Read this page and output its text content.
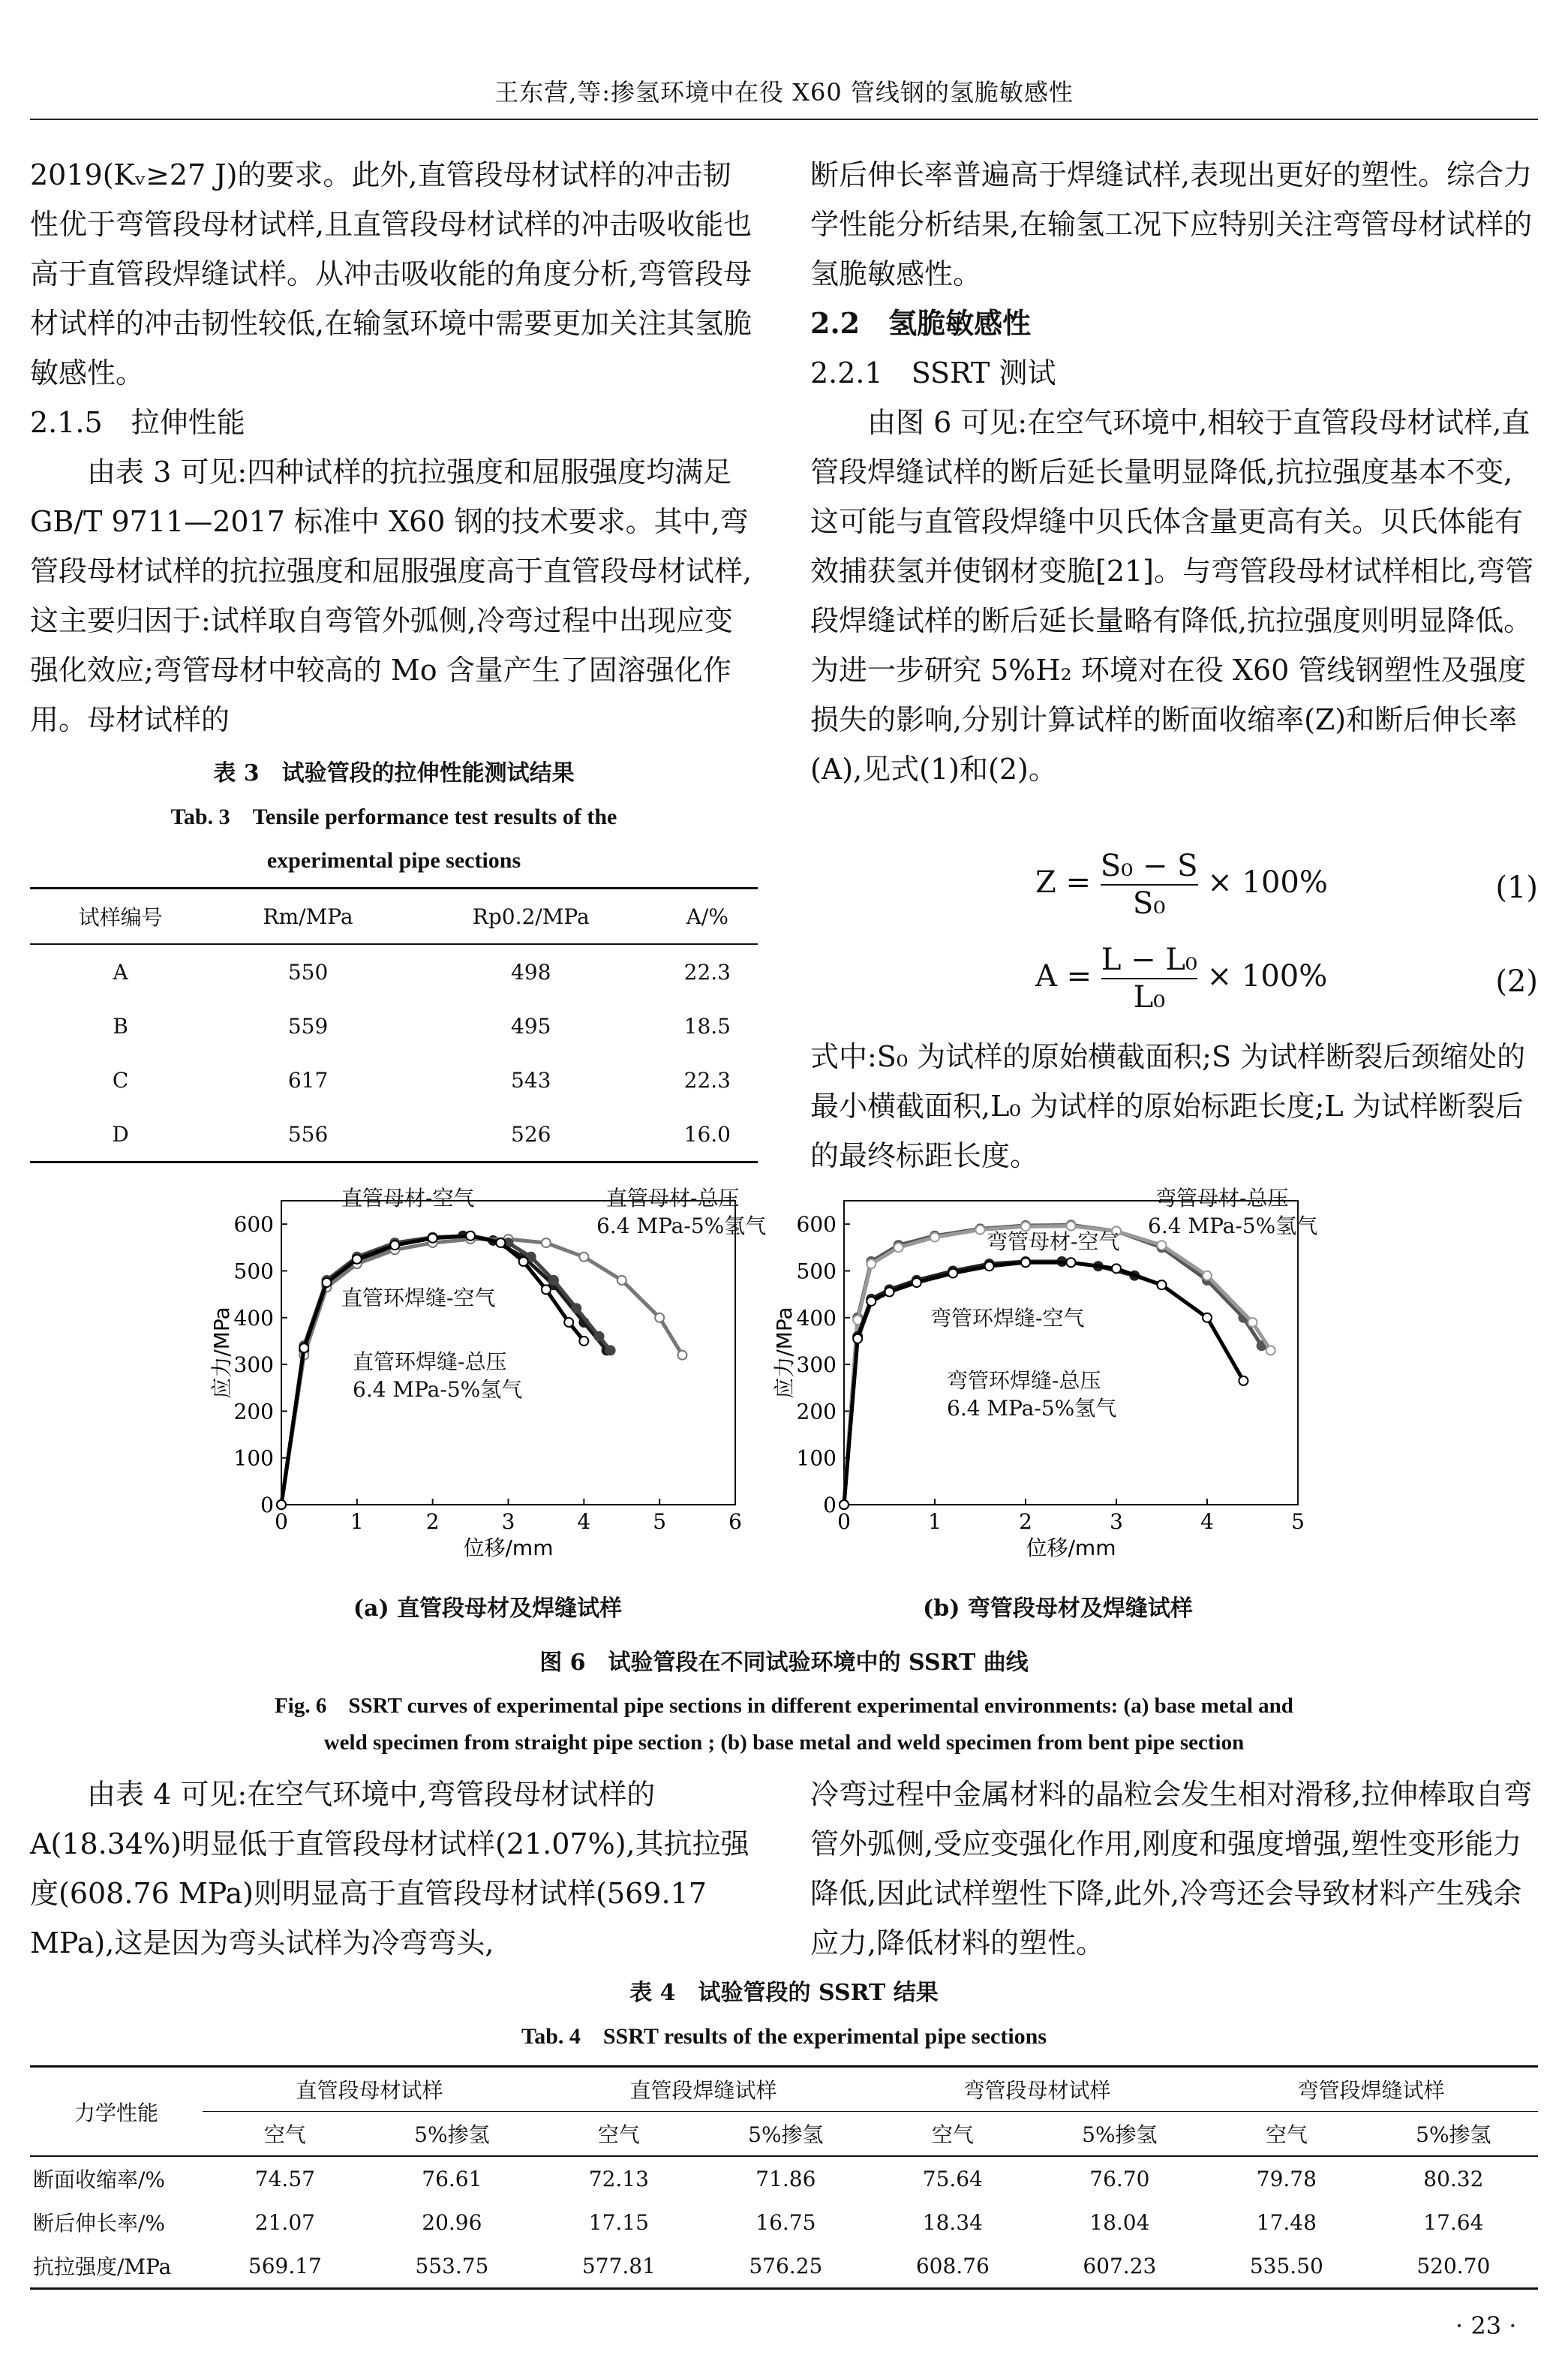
王东营,等:掺氢环境中在役 X60 管线钢的氢脆敏感性

2019(Kᵥ≥27 J)的要求。此外,直管段母材试样的冲击韧性优于弯管段母材试样,且直管段母材试样的冲击吸收能也高于直管段焊缝试样。从冲击吸收能的角度分析,弯管段母材试样的冲击韧性较低,在输氢环境中需要更加关注其氢脆敏感性。

2.1.5　拉伸性能

由表 3 可见:四种试样的抗拉强度和屈服强度均满足 GB/T 9711—2017 标准中 X60 钢的技术要求。其中,弯管段母材试样的抗拉强度和屈服强度高于直管段母材试样,这主要归因于:试样取自弯管外弧侧,冷弯过程中出现应变强化效应;弯管母材中较高的 Mo 含量产生了固溶强化作用。母材试样的

表 3　试验管段的拉伸性能测试结果
Tab. 3　Tensile performance test results of the experimental pipe sections
试样编号	Rm/MPa	Rp0.2/MPa	A/%
A	550	498	22.3
B	559	495	18.5
C	617	543	22.3
D	556	526	16.0

断后伸长率普遍高于焊缝试样,表现出更好的塑性。综合力学性能分析结果,在输氢工况下应特别关注弯管母材试样的氢脆敏感性。

2.2　氢脆敏感性

2.2.1　SSRT 测试

由图 6 可见:在空气环境中,相较于直管段母材试样,直管段焊缝试样的断后延长量明显降低,抗拉强度基本不变,这可能与直管段焊缝中贝氏体含量更高有关。贝氏体能有效捕获氢并使钢材变脆[21]。与弯管段母材试样相比,弯管段焊缝试样的断后延长量略有降低,抗拉强度则明显降低。为进一步研究 5%H₂ 环境对在役 X60 管线钢塑性及强度损失的影响,分别计算试样的断面收缩率(Z)和断后伸长率(A),见式(1)和(2)。

$Z = \frac{\text{S₀ − S}}{\text{S₀}} \times 100\%$	(1)
$A = \frac{\text{L − L₀}}{\text{L₀}} \times 100\%$	(2)

式中:S₀ 为试样的原始横截面积;S 为试样断裂后颈缩处的最小横截面积,L₀ 为试样的原始标距长度;L 为试样断裂后的最终标距长度。

0	1	2	3	4	5	6
0
100
200
300
400
500
600
位移/mm
应力/MPa
直管母材-空气	直管母材-总压
6.4 MPa-5%氢气
直管环焊缝-空气
直管环焊缝-总压
6.4 MPa-5%氢气
(a) 直管段母材及焊缝试样
0	1	2	3	4	5
0
100
200
300
400
500
600
位移/mm
应力/MPa
弯管母材-总压
6.4 MPa-5%氢气
弯管母材-空气
弯管环焊缝-空气
弯管环焊缝-总压
6.4 MPa-5%氢气
(b) 弯管段母材及焊缝试样
图 6　试验管段在不同试验环境中的 SSRT 曲线
Fig. 6　SSRT curves of experimental pipe sections in different experimental environments: (a) base metal and
weld specimen from straight pipe section ; (b) base metal and weld specimen from bent pipe section

由表 4 可见:在空气环境中,弯管段母材试样的 A(18.34%)明显低于直管段母材试样(21.07%),其抗拉强度(608.76 MPa)则明显高于直管段母材试样(569.17 MPa),这是因为弯头试样为冷弯弯头,

冷弯过程中金属材料的晶粒会发生相对滑移,拉伸棒取自弯管外弧侧,受应变强化作用,刚度和强度增强,塑性变形能力降低,因此试样塑性下降,此外,冷弯还会导致材料产生残余应力,降低材料的塑性。

表 4　试验管段的 SSRT 结果
Tab. 4　SSRT results of the experimental pipe sections
力学性能	直管段母材试样		直管段焊缝试样		弯管段母材试样		弯管段焊缝试样	
	空气	5%掺氢	空气	5%掺氢	空气	5%掺氢	空气	5%掺氢
断面收缩率/%	74.57	76.61	72.13	71.86	75.64	76.70	79.78	80.32
断后伸长率/%	21.07	20.96	17.15	16.75	18.34	18.04	17.48	17.64
抗拉强度/MPa	569.17	553.75	577.81	576.25	608.76	607.23	535.50	520.70
· 23 ·
